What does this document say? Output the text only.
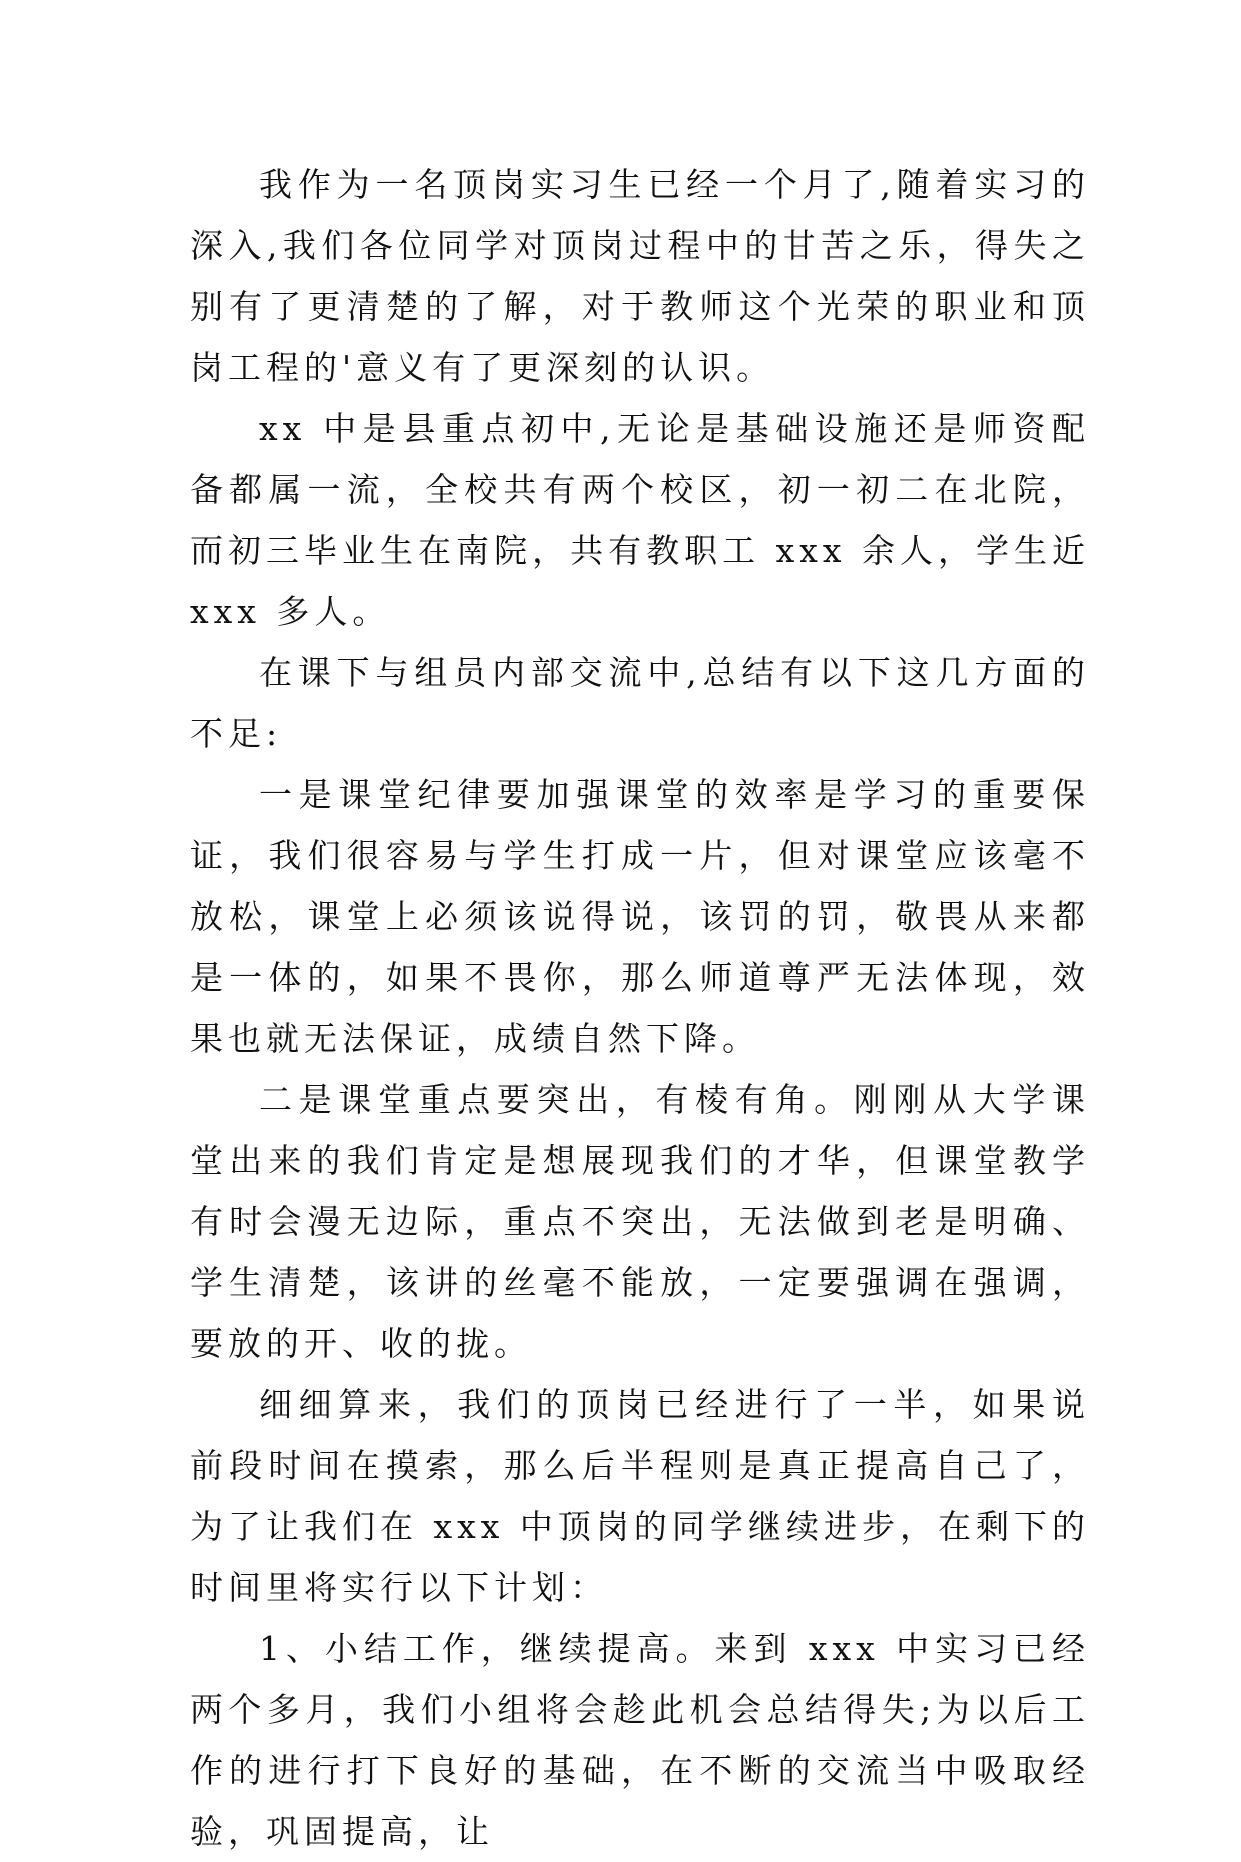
我作为一名顶岗实习生已经一个月了,随着实习的深入,我们各位同学对顶岗过程中的甘苦之乐，得失之别有了更清楚的了解，对于教师这个光荣的职业和顶岗工程的'意义有了更深刻的认识。

xx 中是县重点初中,无论是基础设施还是师资配备都属一流，全校共有两个校区，初一初二在北院，而初三毕业生在南院，共有教职工 xxx 余人，学生近 xxx 多人。

在课下与组员内部交流中,总结有以下这几方面的不足:

一是课堂纪律要加强课堂的效率是学习的重要保证，我们很容易与学生打成一片，但对课堂应该毫不放松，课堂上必须该说得说，该罚的罚，敬畏从来都是一体的，如果不畏你，那么师道尊严无法体现，效果也就无法保证，成绩自然下降。

二是课堂重点要突出，有棱有角。刚刚从大学课堂出来的我们肯定是想展现我们的才华，但课堂教学有时会漫无边际，重点不突出，无法做到老是明确、学生清楚，该讲的丝毫不能放，一定要强调在强调，要放的开、收的拢。

细细算来，我们的顶岗已经进行了一半，如果说前段时间在摸索，那么后半程则是真正提高自己了，为了让我们在 xxx 中顶岗的同学继续进步，在剩下的时间里将实行以下计划：

1、小结工作，继续提高。来到 xxx 中实习已经两个多月，我们小组将会趁此机会总结得失;为以后工作的进行打下良好的基础，在不断的交流当中吸取经验，巩固提高，让
